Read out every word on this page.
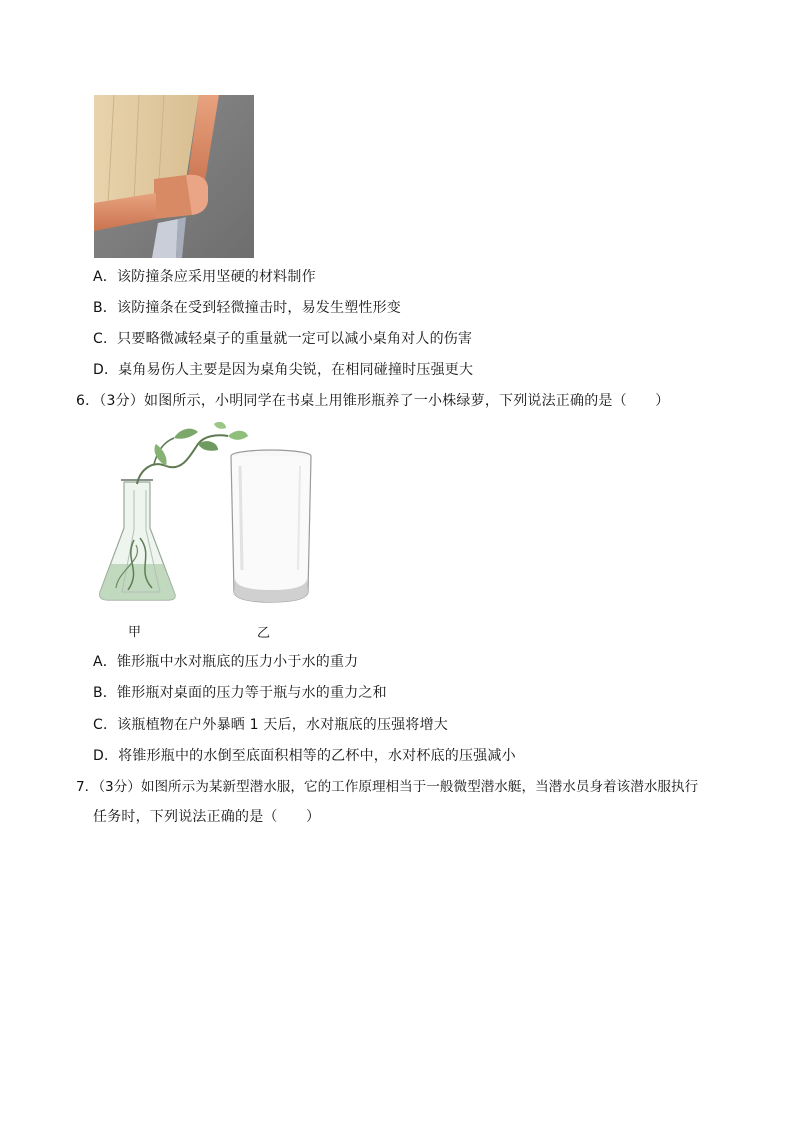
A．该防撞条应采用坚硬的材料制作
B．该防撞条在受到轻微撞击时，易发生塑性形变
C．只要略微减轻桌子的重量就一定可以减小桌角对人的伤害
D．桌角易伤人主要是因为桌角尖锐，在相同碰撞时压强更大
6．（3分）如图所示，小明同学在书桌上用锥形瓶养了一小株绿萝，下列说法正确的是（　　）
甲	乙
A．锥形瓶中水对瓶底的压力小于水的重力
B．锥形瓶对桌面的压力等于瓶与水的重力之和
C．该瓶植物在户外暴晒 1 天后，水对瓶底的压强将增大
D．将锥形瓶中的水倒至底面积相等的乙杯中，水对杯底的压强减小
7．（3分）如图所示为某新型潜水服，它的工作原理相当于一般微型潜水艇，当潜水员身着该潜水服执行
任务时，下列说法正确的是（　　）
